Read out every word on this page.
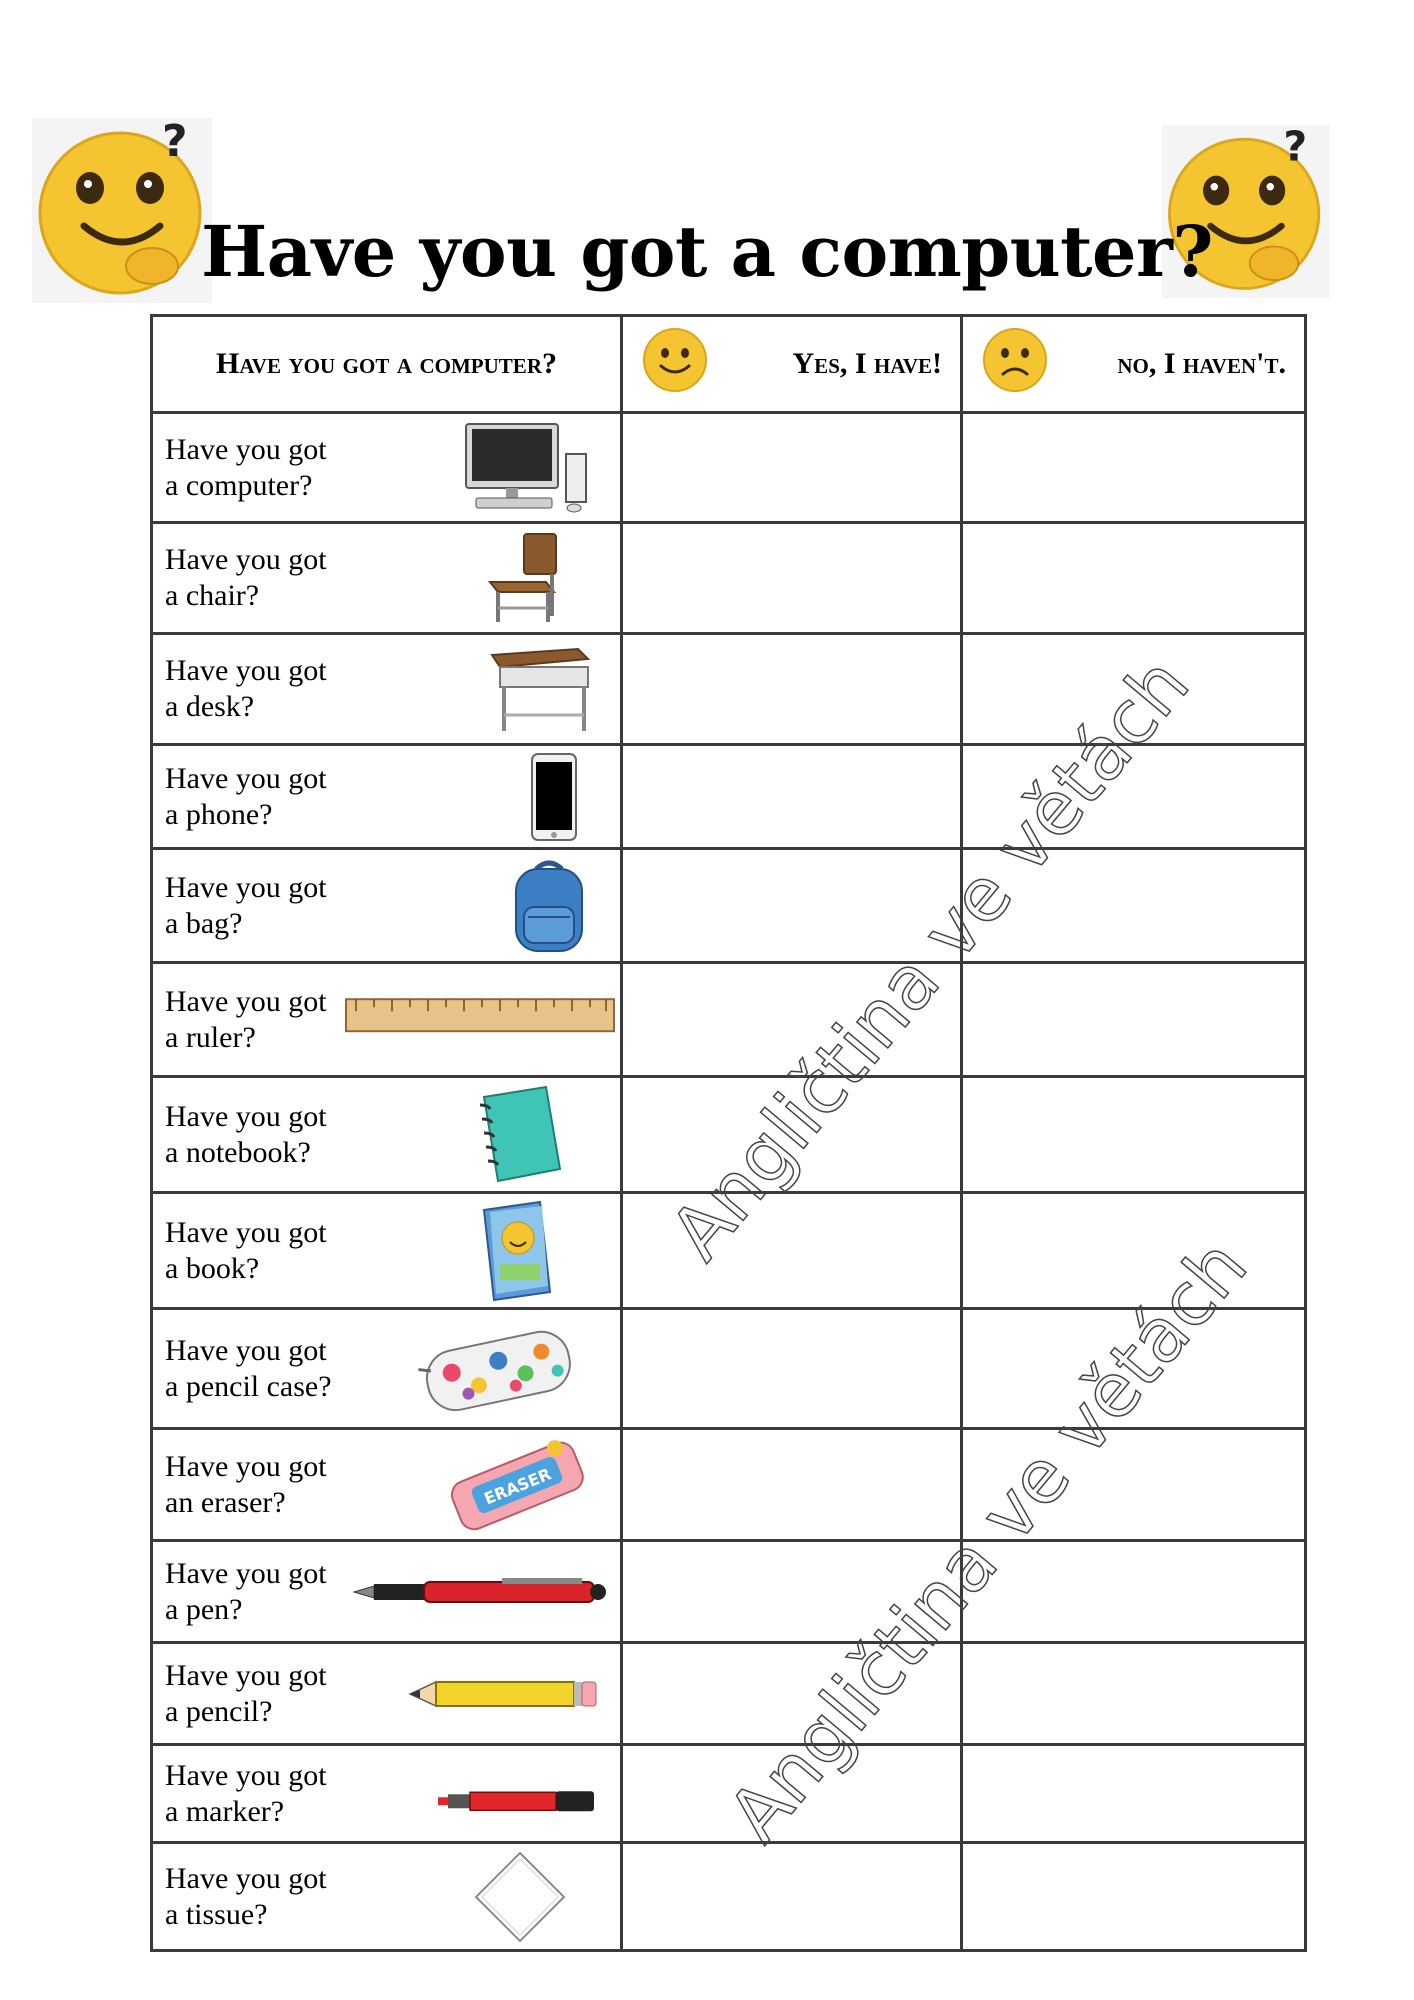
?	?
Have you got a computer?
Have you got a computer?	Yes, I have!	no, I haven't.

Have you got
a computer?		

Have you got
a chair?		

Have you got
a desk?		

Have you got
a phone?		

Have you got
a bag?		

Have you got
a ruler?		

Have you got
a notebook?		

Have you got
a book?		

Have you got
a pencil case?		

Have you got
an eraser? ERASER		

Have you got
a pen?		

Have you got
a pencil?		

Have you got
a marker?		

Have you got
a tissue?		

Angličtina ve větách
Angličtina ve větách
